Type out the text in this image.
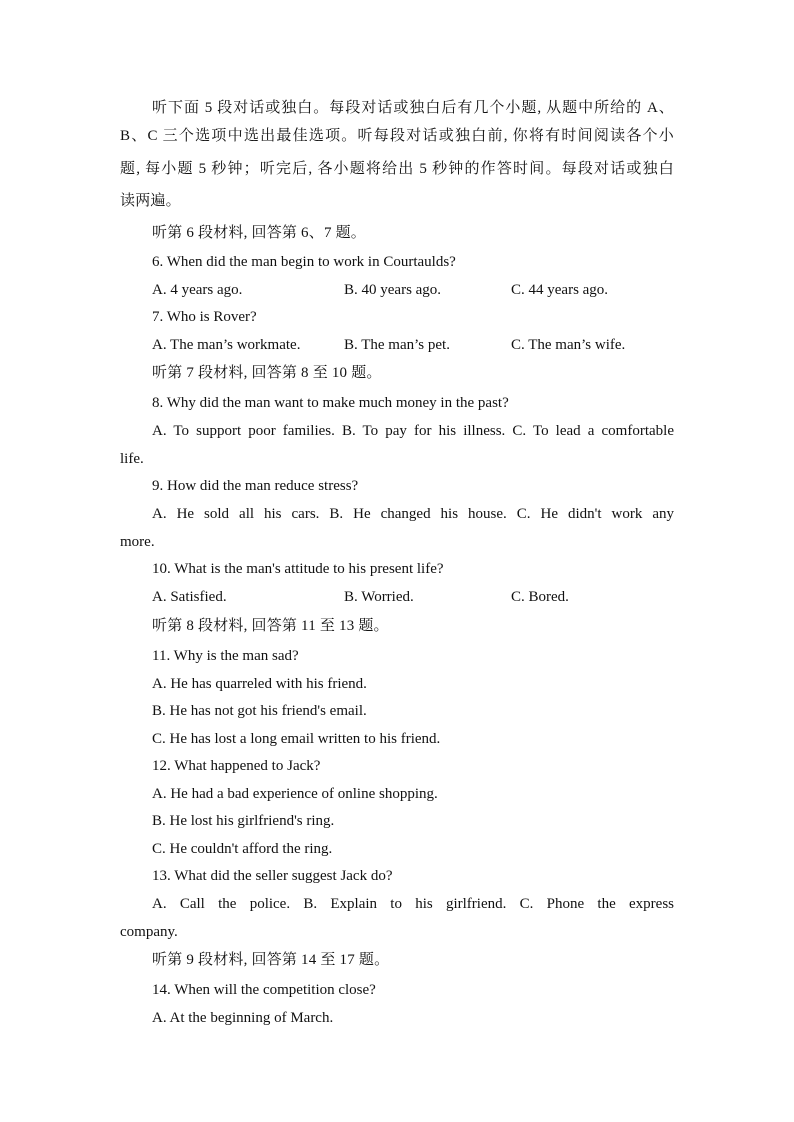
听下面 5 段对话或独白。每段对话或独白后有几个小题, 从题中所给的 A、
B、C 三个选项中选出最佳选项。听每段对话或独白前, 你将有时间阅读各个小
题, 每小题 5 秒钟；听完后, 各小题将给出 5 秒钟的作答时间。每段对话或独白
读两遍。
听第 6 段材料, 回答第 6、7 题。
6. When did the man begin to work in Courtaulds?
A. 4 years ago.	B. 40 years ago.	C. 44 years ago.
7. Who is Rover?
A. The man’s workmate.	B. The man’s pet.	C. The man’s wife.
听第 7 段材料, 回答第 8 至 10 题。
8. Why did the man want to make much money in the past?
A. To support poor families. B. To pay for his illness. C. To lead a comfortable
life.
9. How did the man reduce stress?
A. He sold all his cars. B. He changed his house. C. He didn't work any
more.
10. What is the man's attitude to his present life?
A. Satisfied.	B. Worried.	C. Bored.
听第 8 段材料, 回答第 11 至 13 题。
11. Why is the man sad?
A. He has quarreled with his friend.
B. He has not got his friend's email.
C. He has lost a long email written to his friend.
12. What happened to Jack?
A. He had a bad experience of online shopping.
B. He lost his girlfriend's ring.
C. He couldn't afford the ring.
13. What did the seller suggest Jack do?
A. Call the police. B. Explain to his girlfriend. C. Phone the express
company.
听第 9 段材料, 回答第 14 至 17 题。
14. When will the competition close?
A. At the beginning of March.
